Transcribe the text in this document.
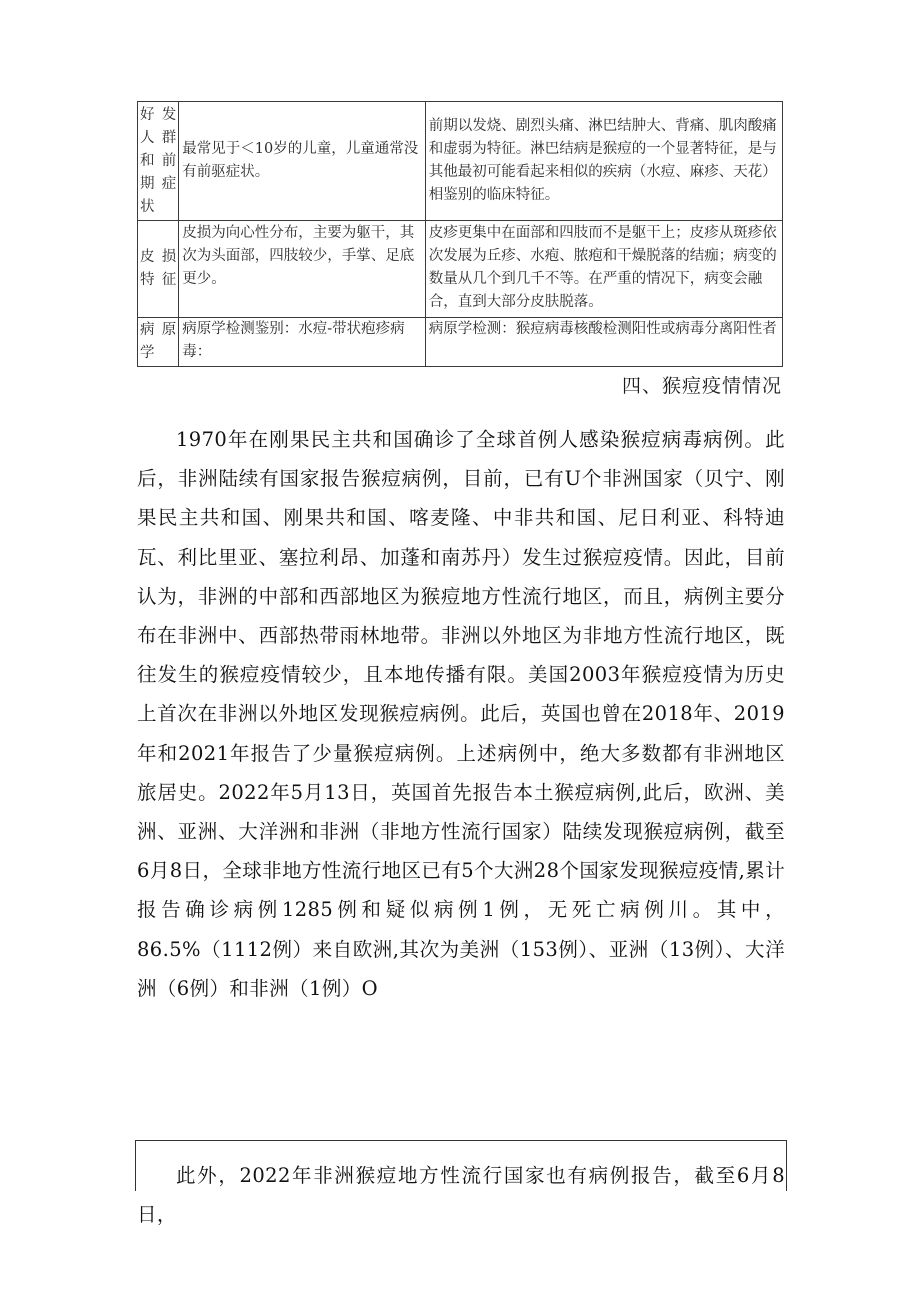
好 发
人 群
和 前
期 症
状	最常见于＜10岁的儿童，儿童通常没有前驱症状。	前期以发烧、剧烈头痛、淋巴结肿大、背痛、肌肉酸痛和虚弱为特征。淋巴结病是猴痘的一个显著特征，是与其他最初可能看起来相似的疾病（水痘、麻疹、天花）相鉴别的临床特征。

皮 损
特征	皮损为向心性分布，主要为躯干，其次为头面部，四肢较少，手掌、足底更少。	皮疹更集中在面部和四肢而不是躯干上；皮疹从斑疹依次发展为丘疹、水疱、脓疱和干燥脱落的结痂；病变的数量从几个到几千不等。在严重的情况下，病变会融合，直到大部分皮肤脱落。

病 原
学	病原学检测鉴别：水痘-带状疱疹病毒：	病原学检测：猴痘病毒核酸检测阳性或病毒分离阳性者
四、猴痘疫情情况

1970年在刚果民主共和国确诊了全球首例人感染猴痘病毒病例。此后，非洲陆续有国家报告猴痘病例，目前，已有U个非洲国家（贝宁、刚果民主共和国、刚果共和国、喀麦隆、中非共和国、尼日利亚、科特迪瓦、利比里亚、塞拉利昂、加蓬和南苏丹）发生过猴痘疫情。因此，目前认为，非洲的中部和西部地区为猴痘地方性流行地区，而且，病例主要分布在非洲中、西部热带雨林地带。非洲以外地区为非地方性流行地区，既往发生的猴痘疫情较少，且本地传播有限。美国2003年猴痘疫情为历史上首次在非洲以外地区发现猴痘病例。此后，英国也曾在2018年、2019年和2021年报告了少量猴痘病例。上述病例中，绝大多数都有非洲地区旅居史。2022年5月13日，英国首先报告本土猴痘病例,此后，欧洲、美洲、亚洲、大洋洲和非洲（非地方性流行国家）陆续发现猴痘病例，截至6月8日，全球非地方性流行地区已有5个大洲28个国家发现猴痘疫情,累计报告确诊病例1285例和疑似病例1例，无死亡病例川。其中，86.5%（1112例）来自欧洲,其次为美洲（153例）、亚洲（13例）、大洋洲（6例）和非洲（1例）O

此外，2022年非洲猴痘地方性流行国家也有病例报告，截至6月8日，
